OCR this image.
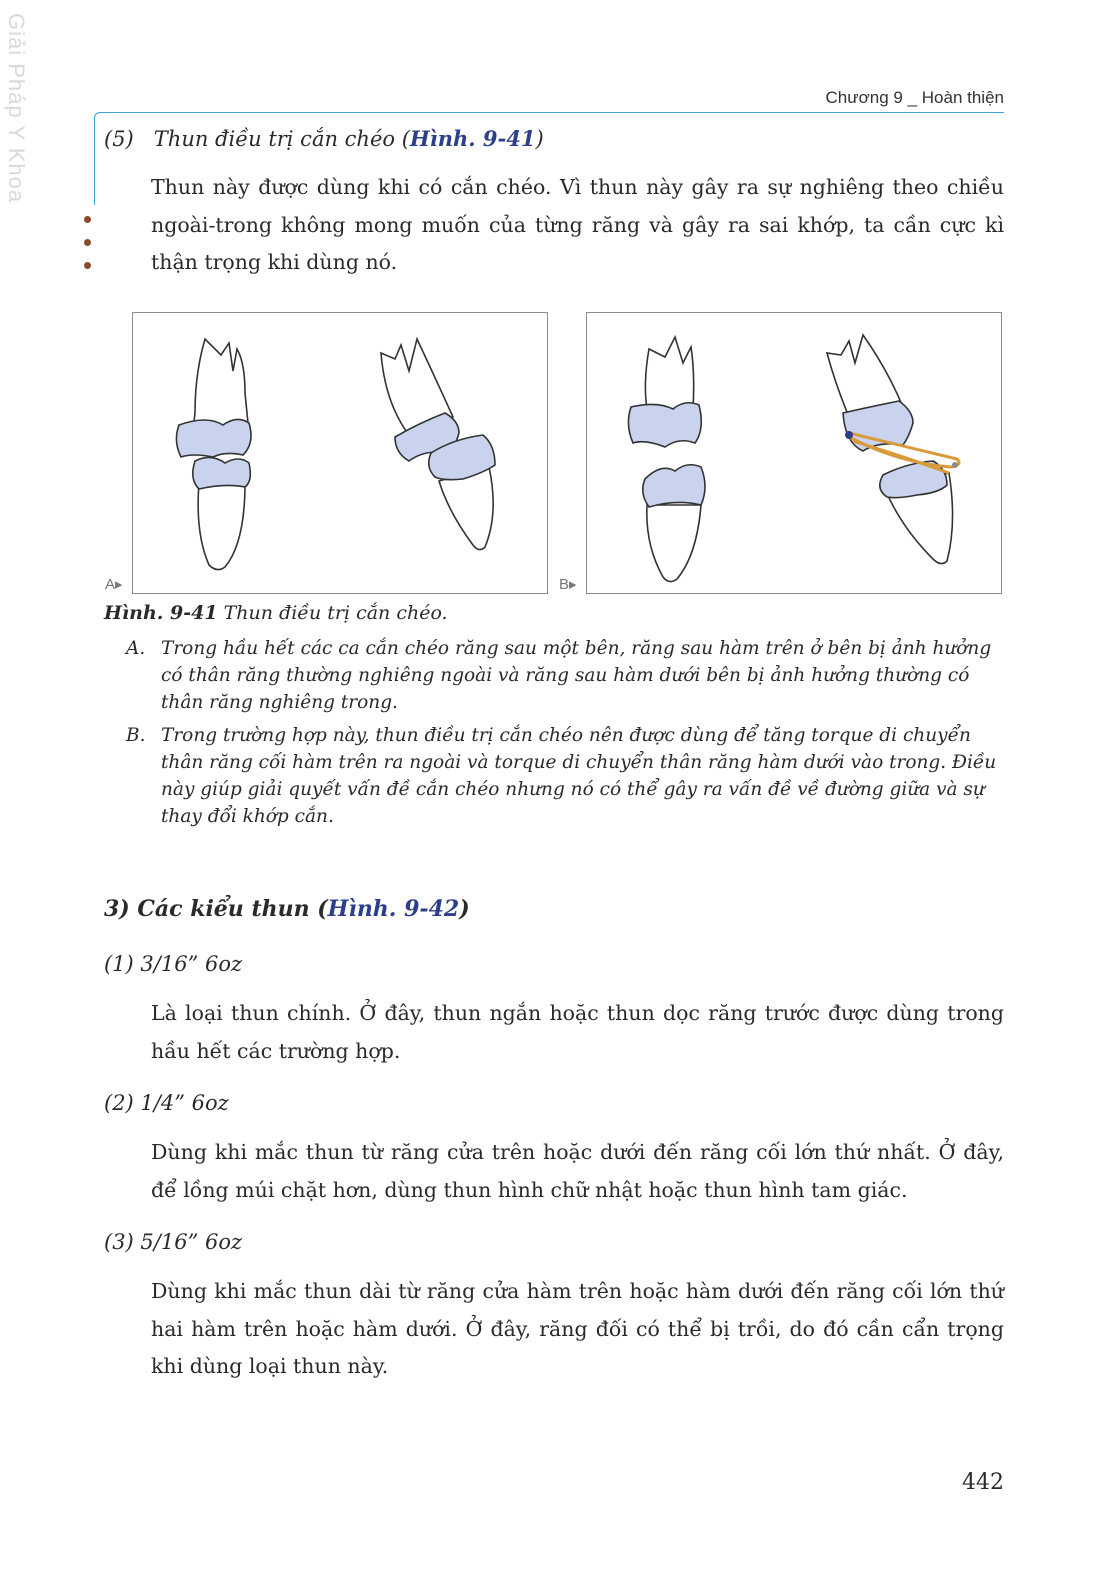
Giải Pháp Y Khoa	Chương 9 _ Hoàn thiện
(5) Thun điều trị cắn chéo (Hình. 9-41)

Thun này được dùng khi có cắn chéo. Vì thun này gây ra sự nghiêng theo chiều ngoài-trong không mong muốn của từng răng và gây ra sai khớp, ta cần cực kì thận trọng khi dùng nó.

A▸	B▸
Hình. 9-41 Thun điều trị cắn chéo.
A. Trong hầu hết các ca cắn chéo răng sau một bên, răng sau hàm trên ở bên bị ảnh hưởng có thân răng thường nghiêng ngoài và răng sau hàm dưới bên bị ảnh hưởng thường có thân răng nghiêng trong.
B. Trong trường hợp này, thun điều trị cắn chéo nên được dùng để tăng torque di chuyển thân răng cối hàm trên ra ngoài và torque di chuyển thân răng hàm dưới vào trong. Điều này giúp giải quyết vấn đề cắn chéo nhưng nó có thể gây ra vấn đề về đường giữa và sự thay đổi khớp cắn.
3) Các kiểu thun (Hình. 9-42)
(1) 3/16” 6oz

Là loại thun chính. Ở đây, thun ngắn hoặc thun dọc răng trước được dùng trong hầu hết các trường hợp.

(2) 1/4” 6oz

Dùng khi mắc thun từ răng cửa trên hoặc dưới đến răng cối lớn thứ nhất. Ở đây, để lồng múi chặt hơn, dùng thun hình chữ nhật hoặc thun hình tam giác.

(3) 5/16” 6oz

Dùng khi mắc thun dài từ răng cửa hàm trên hoặc hàm dưới đến răng cối lớn thứ hai hàm trên hoặc hàm dưới. Ở đây, răng đối có thể bị trồi, do đó cần cẩn trọng khi dùng loại thun này.

442
